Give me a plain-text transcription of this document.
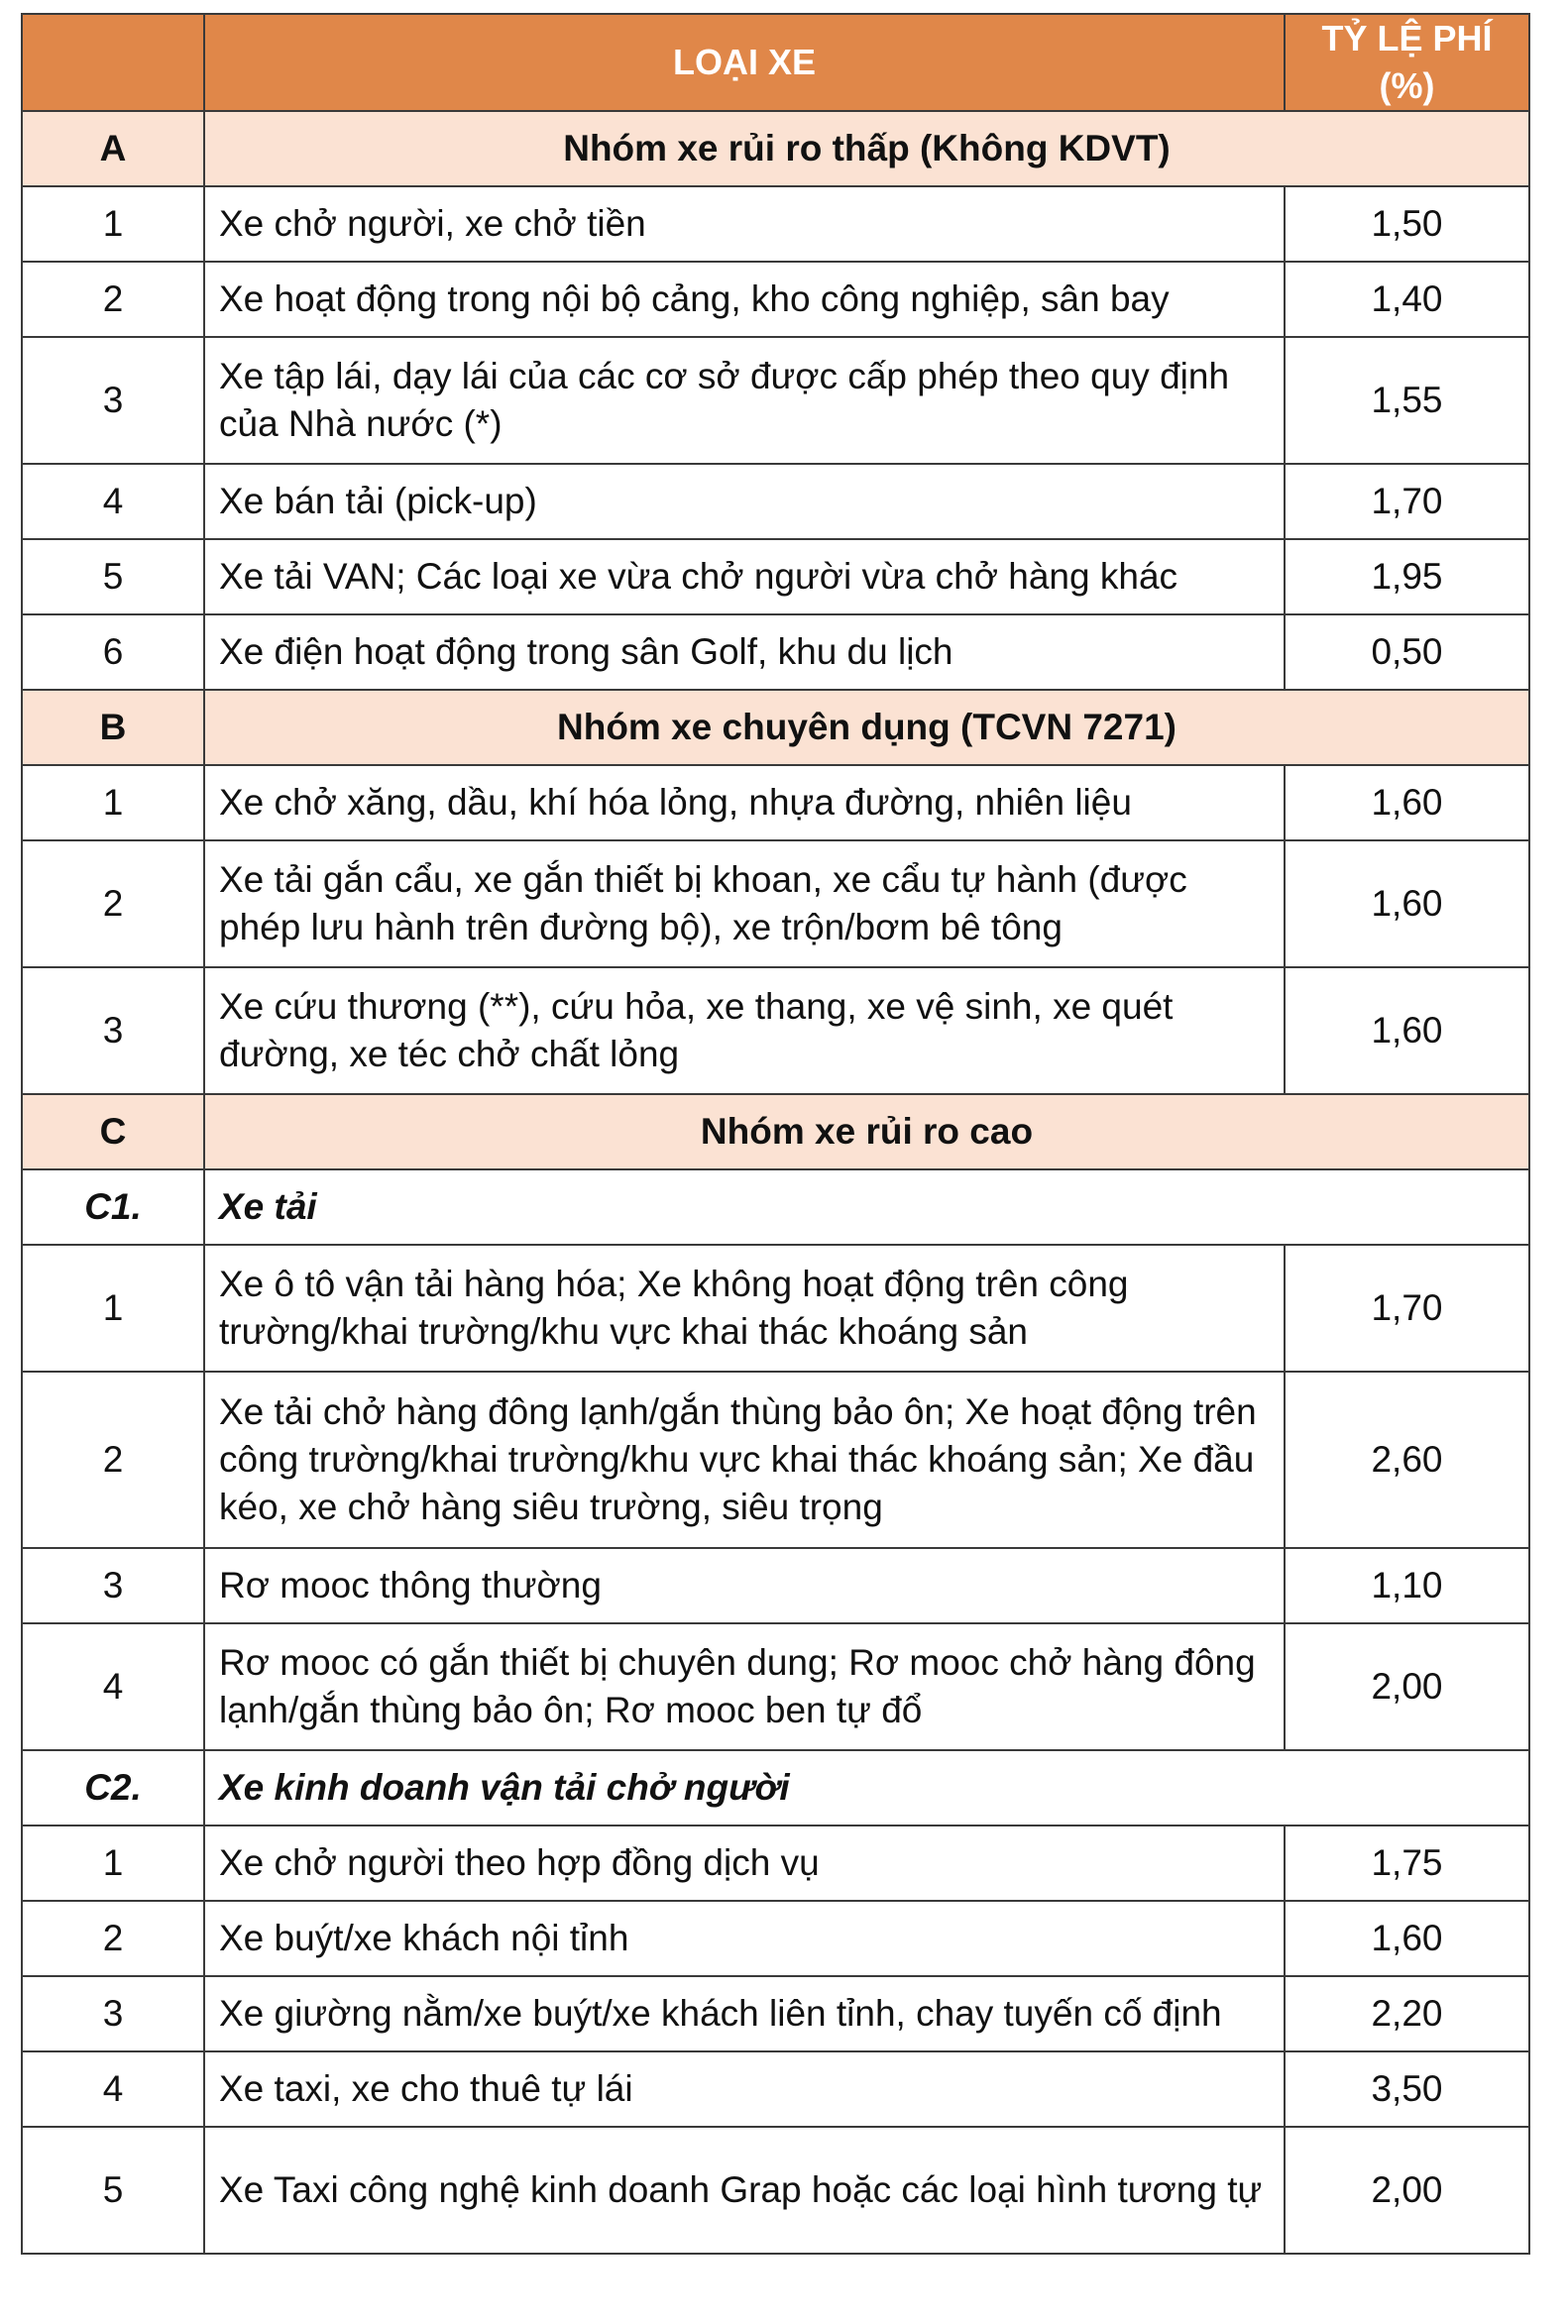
	LOẠI XE	TỶ LỆ PHÍ (%)
A	Nhóm xe rủi ro thấp (Không KDVT)	
1	Xe chở người, xe chở tiền	1,50
2	Xe hoạt động trong nội bộ cảng, kho công nghiệp, sân bay	1,40
3	Xe tập lái, dạy lái của các cơ sở được cấp phép theo quy định của Nhà nước (*)	1,55
4	Xe bán tải (pick-up)	1,70
5	Xe tải VAN; Các loại xe vừa chở người vừa chở hàng khác	1,95
6	Xe điện hoạt động trong sân Golf, khu du lịch	0,50
B	Nhóm xe chuyên dụng (TCVN 7271)	
1	Xe chở xăng, dầu, khí hóa lỏng, nhựa đường, nhiên liệu	1,60
2	Xe tải gắn cẩu, xe gắn thiết bị khoan, xe cẩu tự hành (được phép lưu hành trên đường bộ), xe trộn/bơm bê tông	1,60
3	Xe cứu thương (**), cứu hỏa, xe thang, xe vệ sinh, xe quét đường, xe téc chở chất lỏng	1,60
C	Nhóm xe rủi ro cao	
C1.	Xe tải	
1	Xe ô tô vận tải hàng hóa; Xe không hoạt động trên công trường/khai trường/khu vực khai thác khoáng sản	1,70
2	Xe tải chở hàng đông lạnh/gắn thùng bảo ôn; Xe hoạt động trên công trường/khai trường/khu vực khai thác khoáng sản; Xe đầu kéo, xe chở hàng siêu trường, siêu trọng	2,60
3	Rơ mooc thông thường	1,10
4	Rơ mooc có gắn thiết bị chuyên dung; Rơ mooc chở hàng đông lạnh/gắn thùng bảo ôn; Rơ mooc ben tự đổ	2,00
C2.	Xe kinh doanh vận tải chở người	
1	Xe chở người theo hợp đồng dịch vụ	1,75
2	Xe buýt/xe khách nội tỉnh	1,60
3	Xe giường nằm/xe buýt/xe khách liên tỉnh, chay tuyến cố định	2,20
4	Xe taxi, xe cho thuê tự lái	3,50
5	Xe Taxi công nghệ kinh doanh Grap hoặc các loại hình tương tự	2,00
